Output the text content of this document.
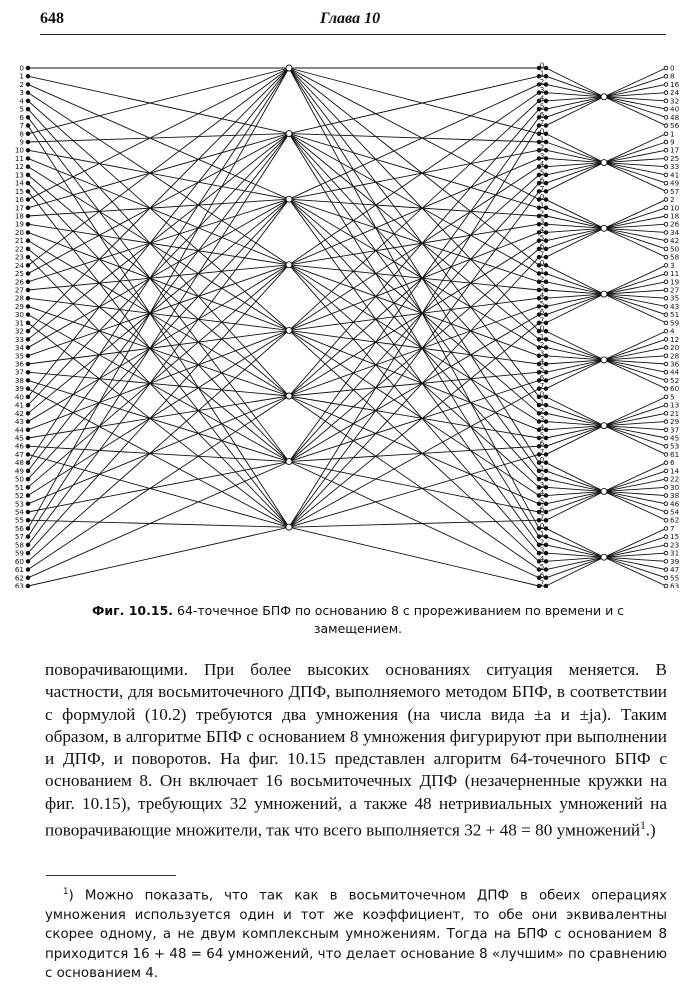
648	Глава 10
0
1
2
3
4
5
6
7
8
9
10
11
12
13
14
15
16
17
18
19
20
21
22
23
24
25
26
27
28
29
30
31
32
33
34
35
36
37
38
39
40
41
42
43
44
45
46
47
48
49
50
51
52
53
54
55
56
57
58
59
60
61
62
63
0
1
2
3
4
5
6
7
0
1
2
3
4
5
6
7
0
1
2
3
4
5
6
7
0
1
2
3
4
5
6
7
0
1
2
3
4
5
6
7
0
1
2
3
4
5
6
7
0
1
2
3
4
5
6
7
0
1
2
3
4
5
6
7
0
8
16
24
32
40
48
56
1
9
17
25
33
41
49
57
2
10
18
26
34
42
50
58
3
11
19
27
35
43
51
59
4
12
20
28
36
44
52
60
5
13
21
29
37
45
53
61
6
14
22
30
38
46
54
62
7
15
23
31
39
47
55
63
Фиг. 10.15. 64-точечное БПФ по основанию 8 с прореживанием по времени и с замещением.

поворачивающими. При более высоких основаниях ситуация меняется. В частности, для восьмиточечного ДПФ, выполняемого методом БПФ, в соответствии с формулой (10.2) требуются два умножения (на числа вида ±a и ±ja). Таким образом, в алгоритме БПФ с основанием 8 умножения фигурируют при выполнении и ДПФ, и поворотов. На фиг. 10.15 представлен алгоритм 64-точечного БПФ с основанием 8. Он включает 16 восьмиточечных ДПФ (незачерненные кружки на фиг. 10.15), требующих 32 умножений, а также 48 нетривиальных умножений на поворачивающие множители, так что всего выполняется 32 + 48 = 80 умножений$^1$.)

$^1$) Можно показать, что так как в восьмиточечном ДПФ в обеих операциях умножения используется один и тот же коэффициент, то обе они эквивалентны скорее одному, а не двум комплексным умножениям. Тогда на БПФ с основанием 8 приходится 16 + 48 = 64 умножений, что делает основание 8 «лучшим» по сравнению с основанием 4.
